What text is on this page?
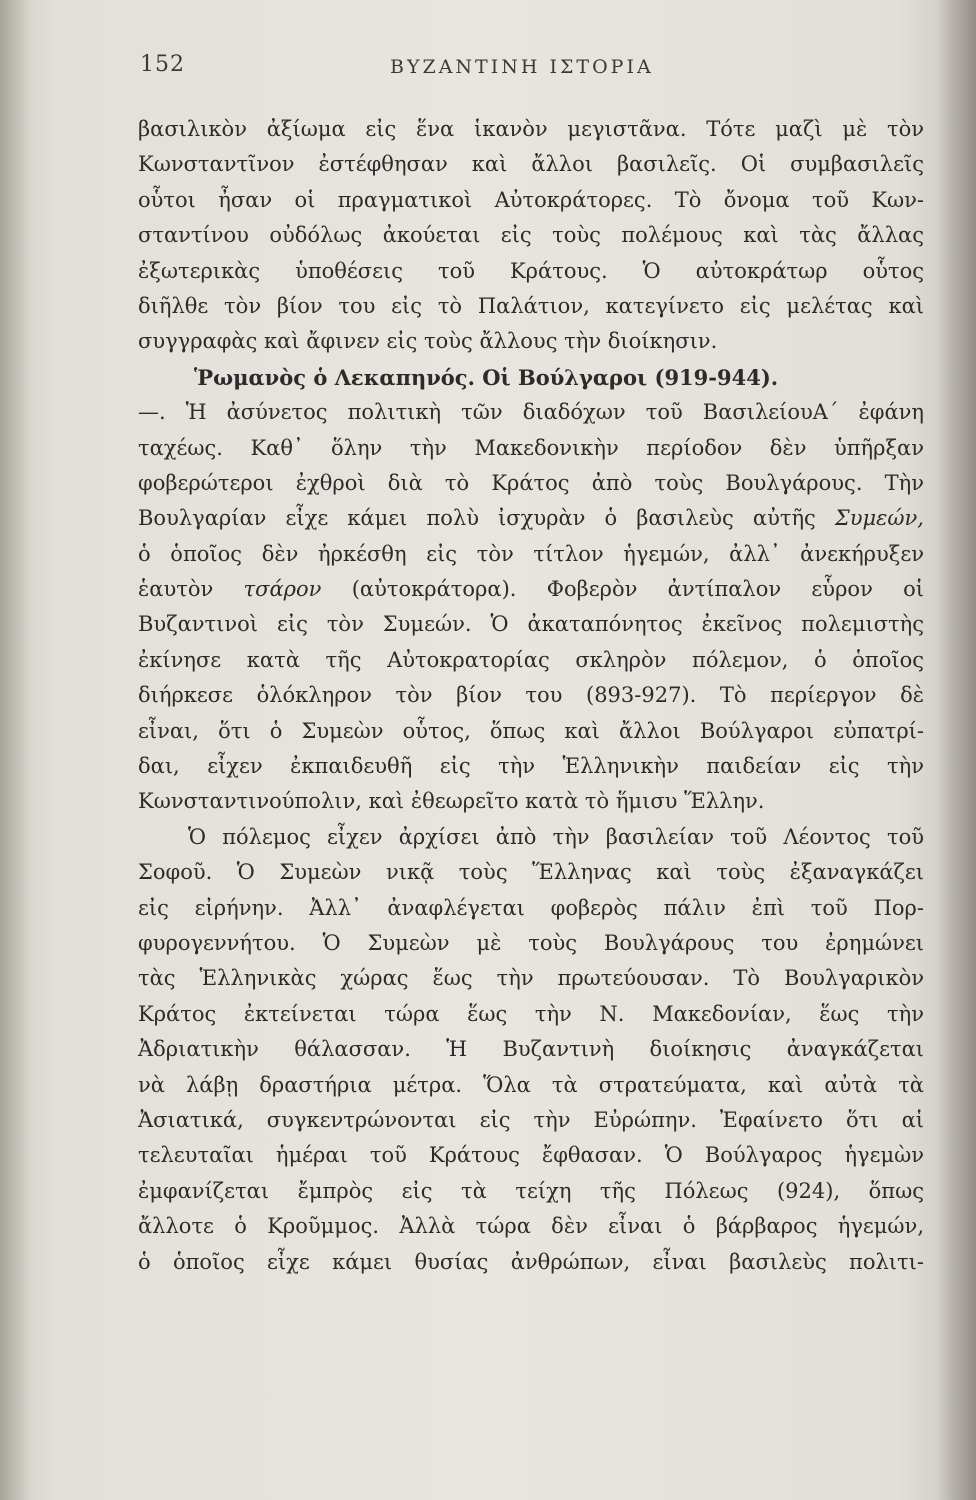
152	ΒΥΖΑΝΤΙΝΗ ΙΣΤΟΡΙΑ
βασιλικὸν ἀξίωμα εἰς ἕνα ἱκανὸν μεγιστᾶνα. Τότε μαζὶ μὲ τὸν
Κωνσταντῖνον ἐστέφθησαν καὶ ἄλλοι βασιλεῖς. Οἱ συμβασιλεῖς
οὗτοι ἦσαν οἱ πραγματικοὶ Αὐτοκράτορες. Τὸ ὄνομα τοῦ Κων-
σταντίνου οὐδόλως ἀκούεται εἰς τοὺς πολέμους καὶ τὰς ἄλλας
ἐξωτερικὰς ὑποθέσεις τοῦ Κράτους. Ὁ αὐτοκράτωρ οὗτος
διῆλθε τὸν βίον του εἰς τὸ Παλάτιον, κατεγίνετο εἰς μελέτας καὶ
συγγραφὰς καὶ ἄφινεν εἰς τοὺς ἄλλους τὴν διοίκησιν.
Ῥωμανὸς ὁ Λεκαπηνός. Οἱ Βούλγαροι (919-944).
—. Ἡ ἀσύνετος πολιτικὴ τῶν διαδόχων τοῦ ΒασιλείουΑ΄ ἐφάνη
ταχέως. Καθ᾽ ὅλην τὴν Μακεδονικὴν περίοδον δὲν ὑπῆρξαν
φοβερώτεροι ἐχθροὶ διὰ τὸ Κράτος ἀπὸ τοὺς Βουλγάρους. Τὴν
Βουλγαρίαν εἶχε κάμει πολὺ ἰσχυρὰν ὁ βασιλεὺς αὐτῆς Συμεών,
ὁ ὁποῖος δὲν ἠρκέσθη εἰς τὸν τίτλον ἡγεμών, ἀλλ᾽ ἀνεκήρυξεν
ἑαυτὸν τσάρον (αὐτοκράτορα). Φοβερὸν ἀντίπαλον εὗρον οἱ
Βυζαντινοὶ εἰς τὸν Συμεών. Ὁ ἀκαταπόνητος ἐκεῖνος πολεμιστὴς
ἐκίνησε κατὰ τῆς Αὐτοκρατορίας σκληρὸν πόλεμον, ὁ ὁποῖος
διήρκεσε ὁλόκληρον τὸν βίον του (893-927). Τὸ περίεργον δὲ
εἶναι, ὅτι ὁ Συμεὼν οὗτος, ὅπως καὶ ἄλλοι Βούλγαροι εὐπατρί-
δαι, εἶχεν ἐκπαιδευθῆ εἰς τὴν Ἑλληνικὴν παιδείαν εἰς τὴν
Κωνσταντινούπολιν, καὶ ἐθεωρεῖτο κατὰ τὸ ἥμισυ Ἕλλην.
Ὁ πόλεμος εἶχεν ἀρχίσει ἀπὸ τὴν βασιλείαν τοῦ Λέοντος τοῦ
Σοφοῦ. Ὁ Συμεὼν νικᾷ τοὺς Ἕλληνας καὶ τοὺς ἐξαναγκάζει
εἰς εἰρήνην. Ἀλλ᾽ ἀναφλέγεται φοβερὸς πάλιν ἐπὶ τοῦ Πορ-
φυρογεννήτου. Ὁ Συμεὼν μὲ τοὺς Βουλγάρους του ἐρημώνει
τὰς Ἑλληνικὰς χώρας ἕως τὴν πρωτεύουσαν. Τὸ Βουλγαρικὸν
Κράτος ἐκτείνεται τώρα ἕως τὴν Ν. Μακεδονίαν, ἕως τὴν
Ἀδριατικὴν θάλασσαν. Ἡ Βυζαντινὴ διοίκησις ἀναγκάζεται
νὰ λάβῃ δραστήρια μέτρα. Ὅλα τὰ στρατεύματα, καὶ αὐτὰ τὰ
Ἀσιατικά, συγκεντρώνονται εἰς τὴν Εὐρώπην. Ἐφαίνετο ὅτι αἱ
τελευταῖαι ἡμέραι τοῦ Κράτους ἔφθασαν. Ὁ Βούλγαρος ἡγεμὼν
ἐμφανίζεται ἔμπρὸς εἰς τὰ τείχη τῆς Πόλεως (924), ὅπως
ἄλλοτε ὁ Κροῦμμος. Ἀλλὰ τώρα δὲν εἶναι ὁ βάρβαρος ἡγεμών,
ὁ ὁποῖος εἶχε κάμει θυσίας ἀνθρώπων, εἶναι βασιλεὺς πολιτι-
